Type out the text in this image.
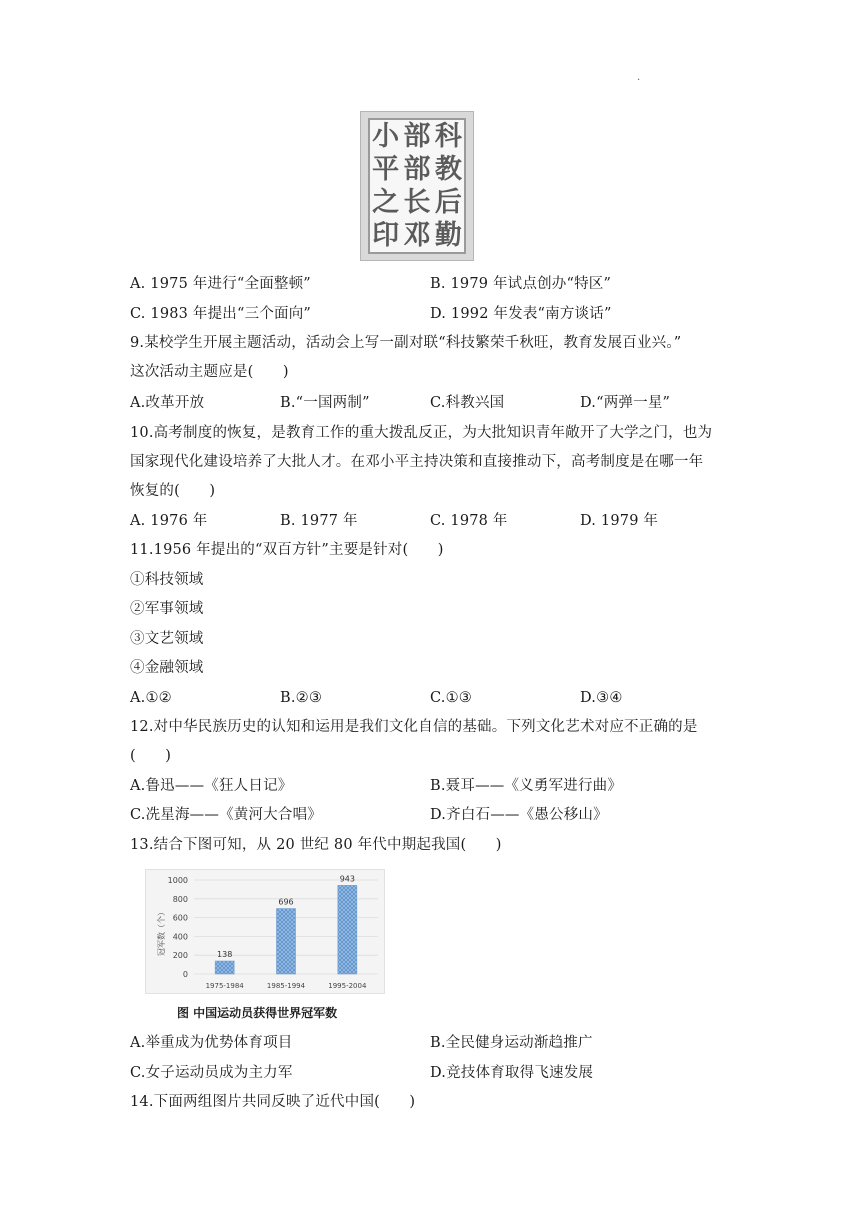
.
小 部 科
平 部 教
之 长 后
印 邓 勤
A. 1975 年进行“全面整顿”	B. 1979 年试点创办“特区”
C. 1983 年提出“三个面向”	D. 1992 年发表“南方谈话”
9.某校学生开展主题活动，活动会上写一副对联“科技繁荣千秋旺，教育发展百业兴。”
这次活动主题应是(　　)
A.改革开放	B.“一国两制”	C.科教兴国	D.“两弹一星”
10.高考制度的恢复，是教育工作的重大拨乱反正，为大批知识青年敞开了大学之门，也为
国家现代化建设培养了大批人才。在邓小平主持决策和直接推动下，高考制度是在哪一年
恢复的(　　)
A. 1976 年	B. 1977 年	C. 1978 年	D. 1979 年
11.1956 年提出的“双百方针”主要是针对(　　)
①科技领域
②军事领域
③文艺领域
④金融领域
A.①②	B.②③	C.①③	D.③④
12.对中华民族历史的认知和运用是我们文化自信的基础。下列文化艺术对应不正确的是
(　　)
A.鲁迅——《狂人日记》	B.聂耳——《义勇军进行曲》
C.冼星海——《黄河大合唱》	D.齐白石——《愚公移山》
13.结合下图可知，从 20 世纪 80 年代中期起我国(　　)
0
200
400
600
800
1000
138
696
943
1975-1984	1985-1994	1995-2004
冠军数（个）
图 中国运动员获得世界冠军数
A.举重成为优势体育项目	B.全民健身运动渐趋推广
C.女子运动员成为主力军	D.竞技体育取得飞速发展
14.下面两组图片共同反映了近代中国(　　)
